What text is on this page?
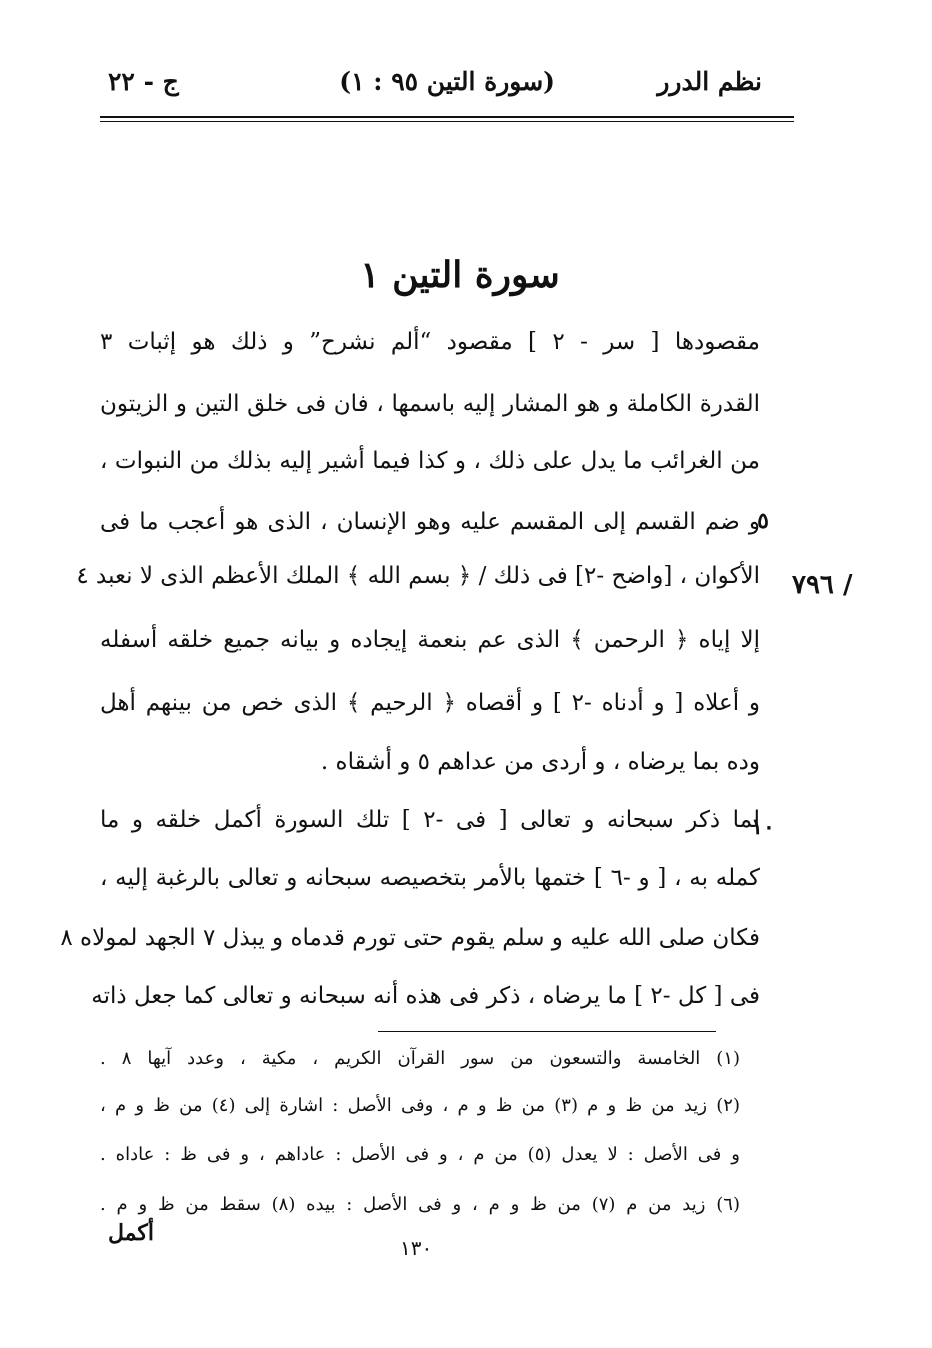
نظم الدرر
(سورة التين ٩٥ : ١)
ج - ٢٢
سورة التين ١
مقصودها [ سر - ٢ ] مقصود “ألم نشرح” و ذلك هو إثبات ٣
القدرة الكاملة و هو المشار إليه باسمها ، فان فى خلق التين و الزيتون
من الغرائب ما يدل على ذلك ، و كذا فيما أشير إليه بذلك من النبوات ،
و ضم القسم إلى المقسم عليه وهو الإنسان ، الذى هو أعجب ما فى
الأكوان ، [واضح -٢] فى ذلك / ﴿ بسم الله ﴾ الملك الأعظم الذى لا نعبد ٤
إلا إياه ﴿ الرحمن ﴾ الذى عم بنعمة إيجاده و بيانه جميع خلقه أسفله
و أعلاه [ و أدناه -٢ ] و أقصاه ﴿ الرحيم ﴾ الذى خص من بينهم أهل
وده بما يرضاه ، و أردى من عداهم ٥ و أشقاه .
لما ذكر سبحانه و تعالى [ فى -٢ ] تلك السورة أكمل خلقه و ما
كمله به ، [ و -٦ ] ختمها بالأمر بتخصيصه سبحانه و تعالى بالرغبة إليه ،
فكان صلى الله عليه و سلم يقوم حتى تورم قدماه و يبذل ٧ الجهد لمولاه ٨
فى [ كل -٢ ] ما يرضاه ، ذكر فى هذه أنه سبحانه و تعالى كما جعل ذاته
٥
١٠
٧٩٦ /
(١) الخامسة والتسعون من سور القرآن الكريم ، مكية ، وعدد آيها ٨ .
(٢) زيد من ظ و م (٣) من ظ و م ، وفى الأصل : اشارة إلى (٤) من ظ و م ،
و فى الأصل : لا يعدل (٥) من م ، و فى الأصل : عاداهم ، و فى ظ : عاداه .
(٦) زيد من م (٧) من ظ و م ، و فى الأصل : بيده (٨) سقط من ظ و م .
أكمل
١٣٠
